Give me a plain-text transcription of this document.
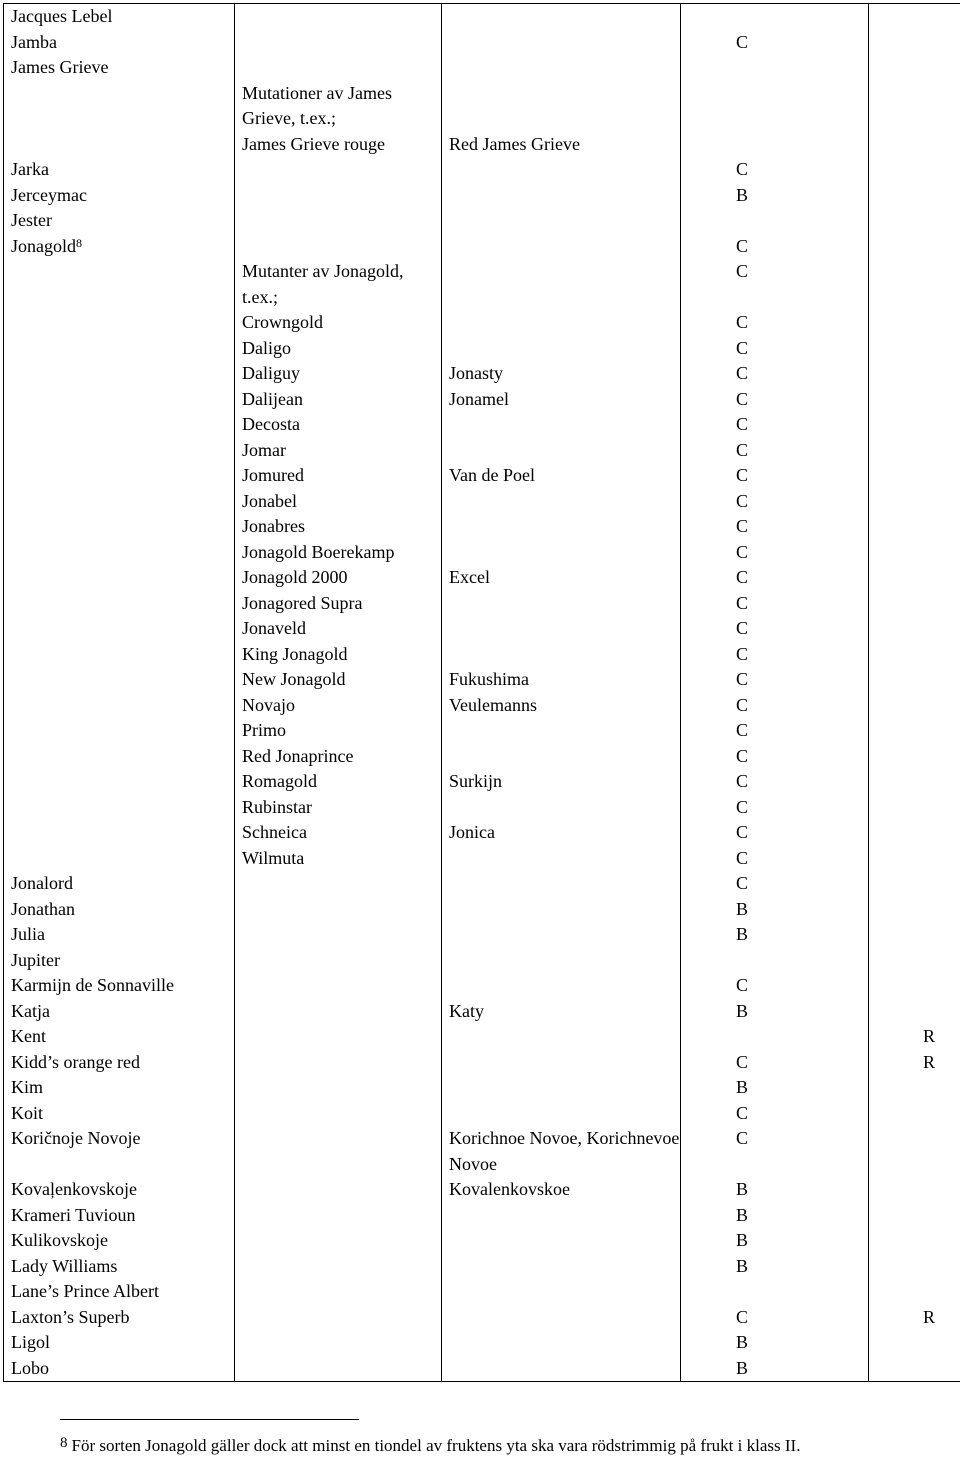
Jacques Lebel				
Jamba			C	
James Grieve				
	Mutationer av James Grieve, t.ex.;			
	James Grieve rouge	Red James Grieve		
Jarka			C	
Jerceymac			B	
Jester				
Jonagold$^8$			C	
	Mutanter av Jonagold, t.ex.;		C	
	Crowngold		C	
	Daligo		C	
	Daliguy	Jonasty	C	
	Dalijean	Jonamel	C	
	Decosta		C	
	Jomar		C	
	Jomured	Van de Poel	C	
	Jonabel		C	
	Jonabres		C	
	Jonagold Boerekamp		C	
	Jonagold 2000	Excel	C	
	Jonagored Supra		C	
	Jonaveld		C	
	King Jonagold		C	
	New Jonagold	Fukushima	C	
	Novajo	Veulemanns	C	
	Primo		C	
	Red Jonaprince		C	
	Romagold	Surkijn	C	
	Rubinstar		C	
	Schneica	Jonica	C	
	Wilmuta		C	
Jonalord			C	
Jonathan			B	
Julia			B	
Jupiter				
Karmijn de Sonnaville			C	
Katja		Katy	B	
Kent				R
Kidd’s orange red			C	R
Kim			B	
Koit			C	
Koričnoje Novoje		Korichnoe Novoe, Korichnevoe Novoe	C	
Kovaļenkovskoje		Kovalenkovskoe	B	
Krameri Tuvioun			B	
Kulikovskoje			B	
Lady Williams			B	
Lane’s Prince Albert				
Laxton’s Superb			C	R
Ligol			B	
Lobo			B	
8 För sorten Jonagold gäller dock att minst en tiondel av fruktens yta ska vara rödstrimmig på frukt i klass II.
